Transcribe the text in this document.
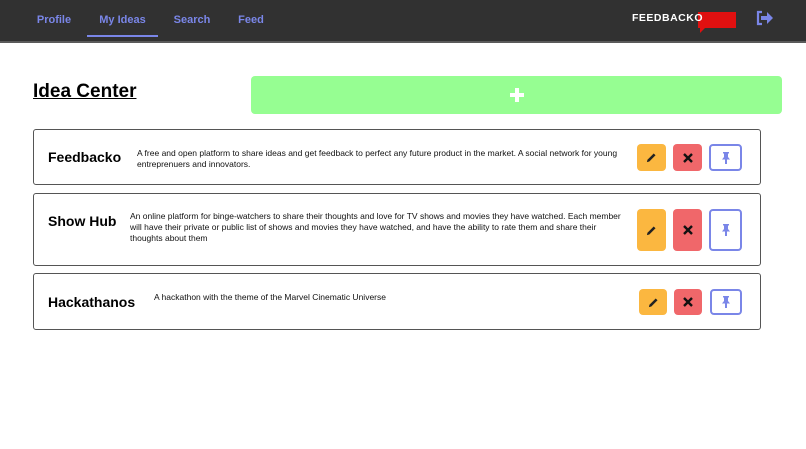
Profile	My Ideas	Search	Feed	FEEDBACKO
Idea Center
Feedbacko A free and open platform to share ideas and get feedback to perfect any future product in the market. A social network for young entreprenuers and innovators.
Show Hub An online platform for binge-watchers to share their thoughts and love for TV shows and movies they have watched. Each member will have their private or public list of shows and movies they have watched, and have the ability to rate them and share their thoughts about them
Hackathanos A hackathon with the theme of the Marvel Cinematic Universe
